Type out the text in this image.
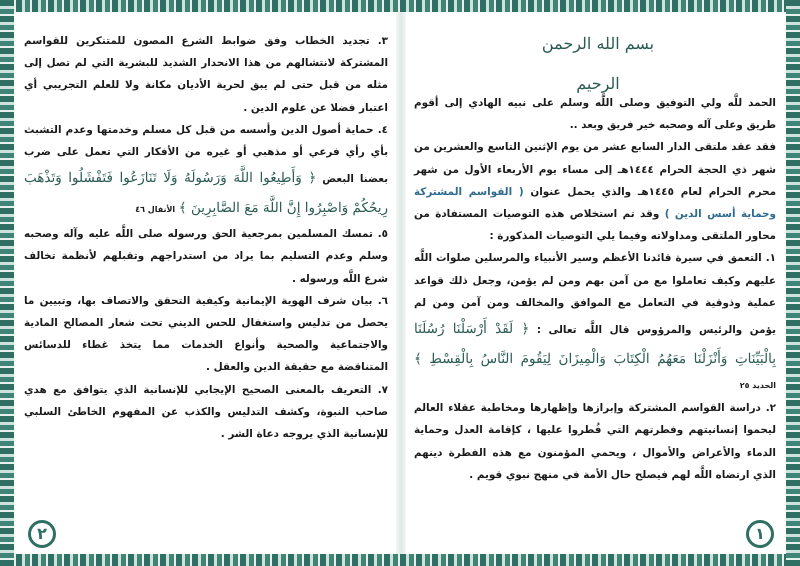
٣. تجديد الخطاب وفق ضوابط الشرع المصون للمتنكرين للقواسم المشتركة لانتشالهم من هذا الانحدار الشديد للبشرية التي لم تصل إلى مثله من قبل حتى لم يبق لحرية الأديان مكانة ولا للعلم التجريبي أي اعتبار فضلا عن علوم الدين .

٤. حماية أصول الدين وأسسه من قبل كل مسلم وخدمتها وعدم التشبث بأي رأي فرعي أو مذهبي أو غيره من الأفكار التي تعمل على ضرب بعضنا البعض ﴿ وَأَطِيعُوا اللَّهَ وَرَسُولَهُ وَلَا تَنَازَعُوا فَتَفْشَلُوا وَتَذْهَبَ رِيحُكُمْ وَاصْبِرُوا إِنَّ اللَّهَ مَعَ الصَّابِرِينَ ﴾ الأنفال ٤٦

٥. تمسك المسلمين بمرجعية الحق ورسوله صلى اللَّه عليه وآله وصحبه وسلم وعدم التسليم بما يراد من استدراجهم وتقبلهم لأنظمة تخالف شرع اللَّه ورسوله .

٦. بيان شرف الهوية الإيمانية وكيفية التحقق والاتصاف بها، وتبيين ما يحصل من تدليس واستغفال للحس الديني تحت شعار المصالح المادية والاجتماعية والصحية وأنواع الخدمات مما يتخذ غطاء للدسائس المتناقضة مع حقيقة الدين والعقل .

٧. التعريف بالمعنى الصحيح الإيجابي للإنسانية الذي يتوافق مع هدي صاحب النبوة، وكشف التدليس والكذب عن المفهوم الخاطئ السلبي للإنسانية الذي يروجه دعاة الشر .

٢
بسم الله الرحمن الرحيم

الحمد للَّه ولي التوفيق وصلى اللَّه وسلم على نبيه الهادي إلى أقوم طريق وعلى آله وصحبه خير فريق وبعد ..

فقد عقد ملتقى الدار السابع عشر من يوم الإثنين التاسع والعشرين من شهر ذي الحجة الحرام ١٤٤٤هـ إلى مساء يوم الأربعاء الأول من شهر محرم الحرام لعام ١٤٤٥هـ والذي يحمل عنوان ( القواسم المشتركة وحماية أسس الدين ) وقد تم استخلاص هذه التوصيات المستفادة من محاور الملتقى ومداولاته وفيما يلي التوصيات المذكورة :

١. التعمق في سيرة قائدنا الأعظم وسير الأنبياء والمرسلين صلوات اللَّه عليهم وكيف تعاملوا مع من آمن بهم ومن لم يؤمن، وجعل ذلك قواعد عملية وذوقية في التعامل مع الموافق والمخالف ومن آمن ومن لم يؤمن والرئيس والمرؤوس قال اللَّه تعالى : ﴿ لَقَدْ أَرْسَلْنَا رُسُلَنَا بِالْبَيِّنَاتِ وَأَنْزَلْنَا مَعَهُمُ الْكِتَابَ وَالْمِيزَانَ لِيَقُومَ النَّاسُ بِالْقِسْطِ ﴾ الحديد ٢٥

٢. دراسة القواسم المشتركة وإبرازها وإظهارها ومخاطبة عقلاء العالم ليحموا إنسانيتهم وفطرتهم التي فُطروا عليها ، كإقامة العدل وحماية الدماء والأعراض والأموال ، ويحمي المؤمنون مع هذه الفطرة دينهم الذي ارتضاه اللَّه لهم فيصلح حال الأمة في منهج نبوي قويم .

١
